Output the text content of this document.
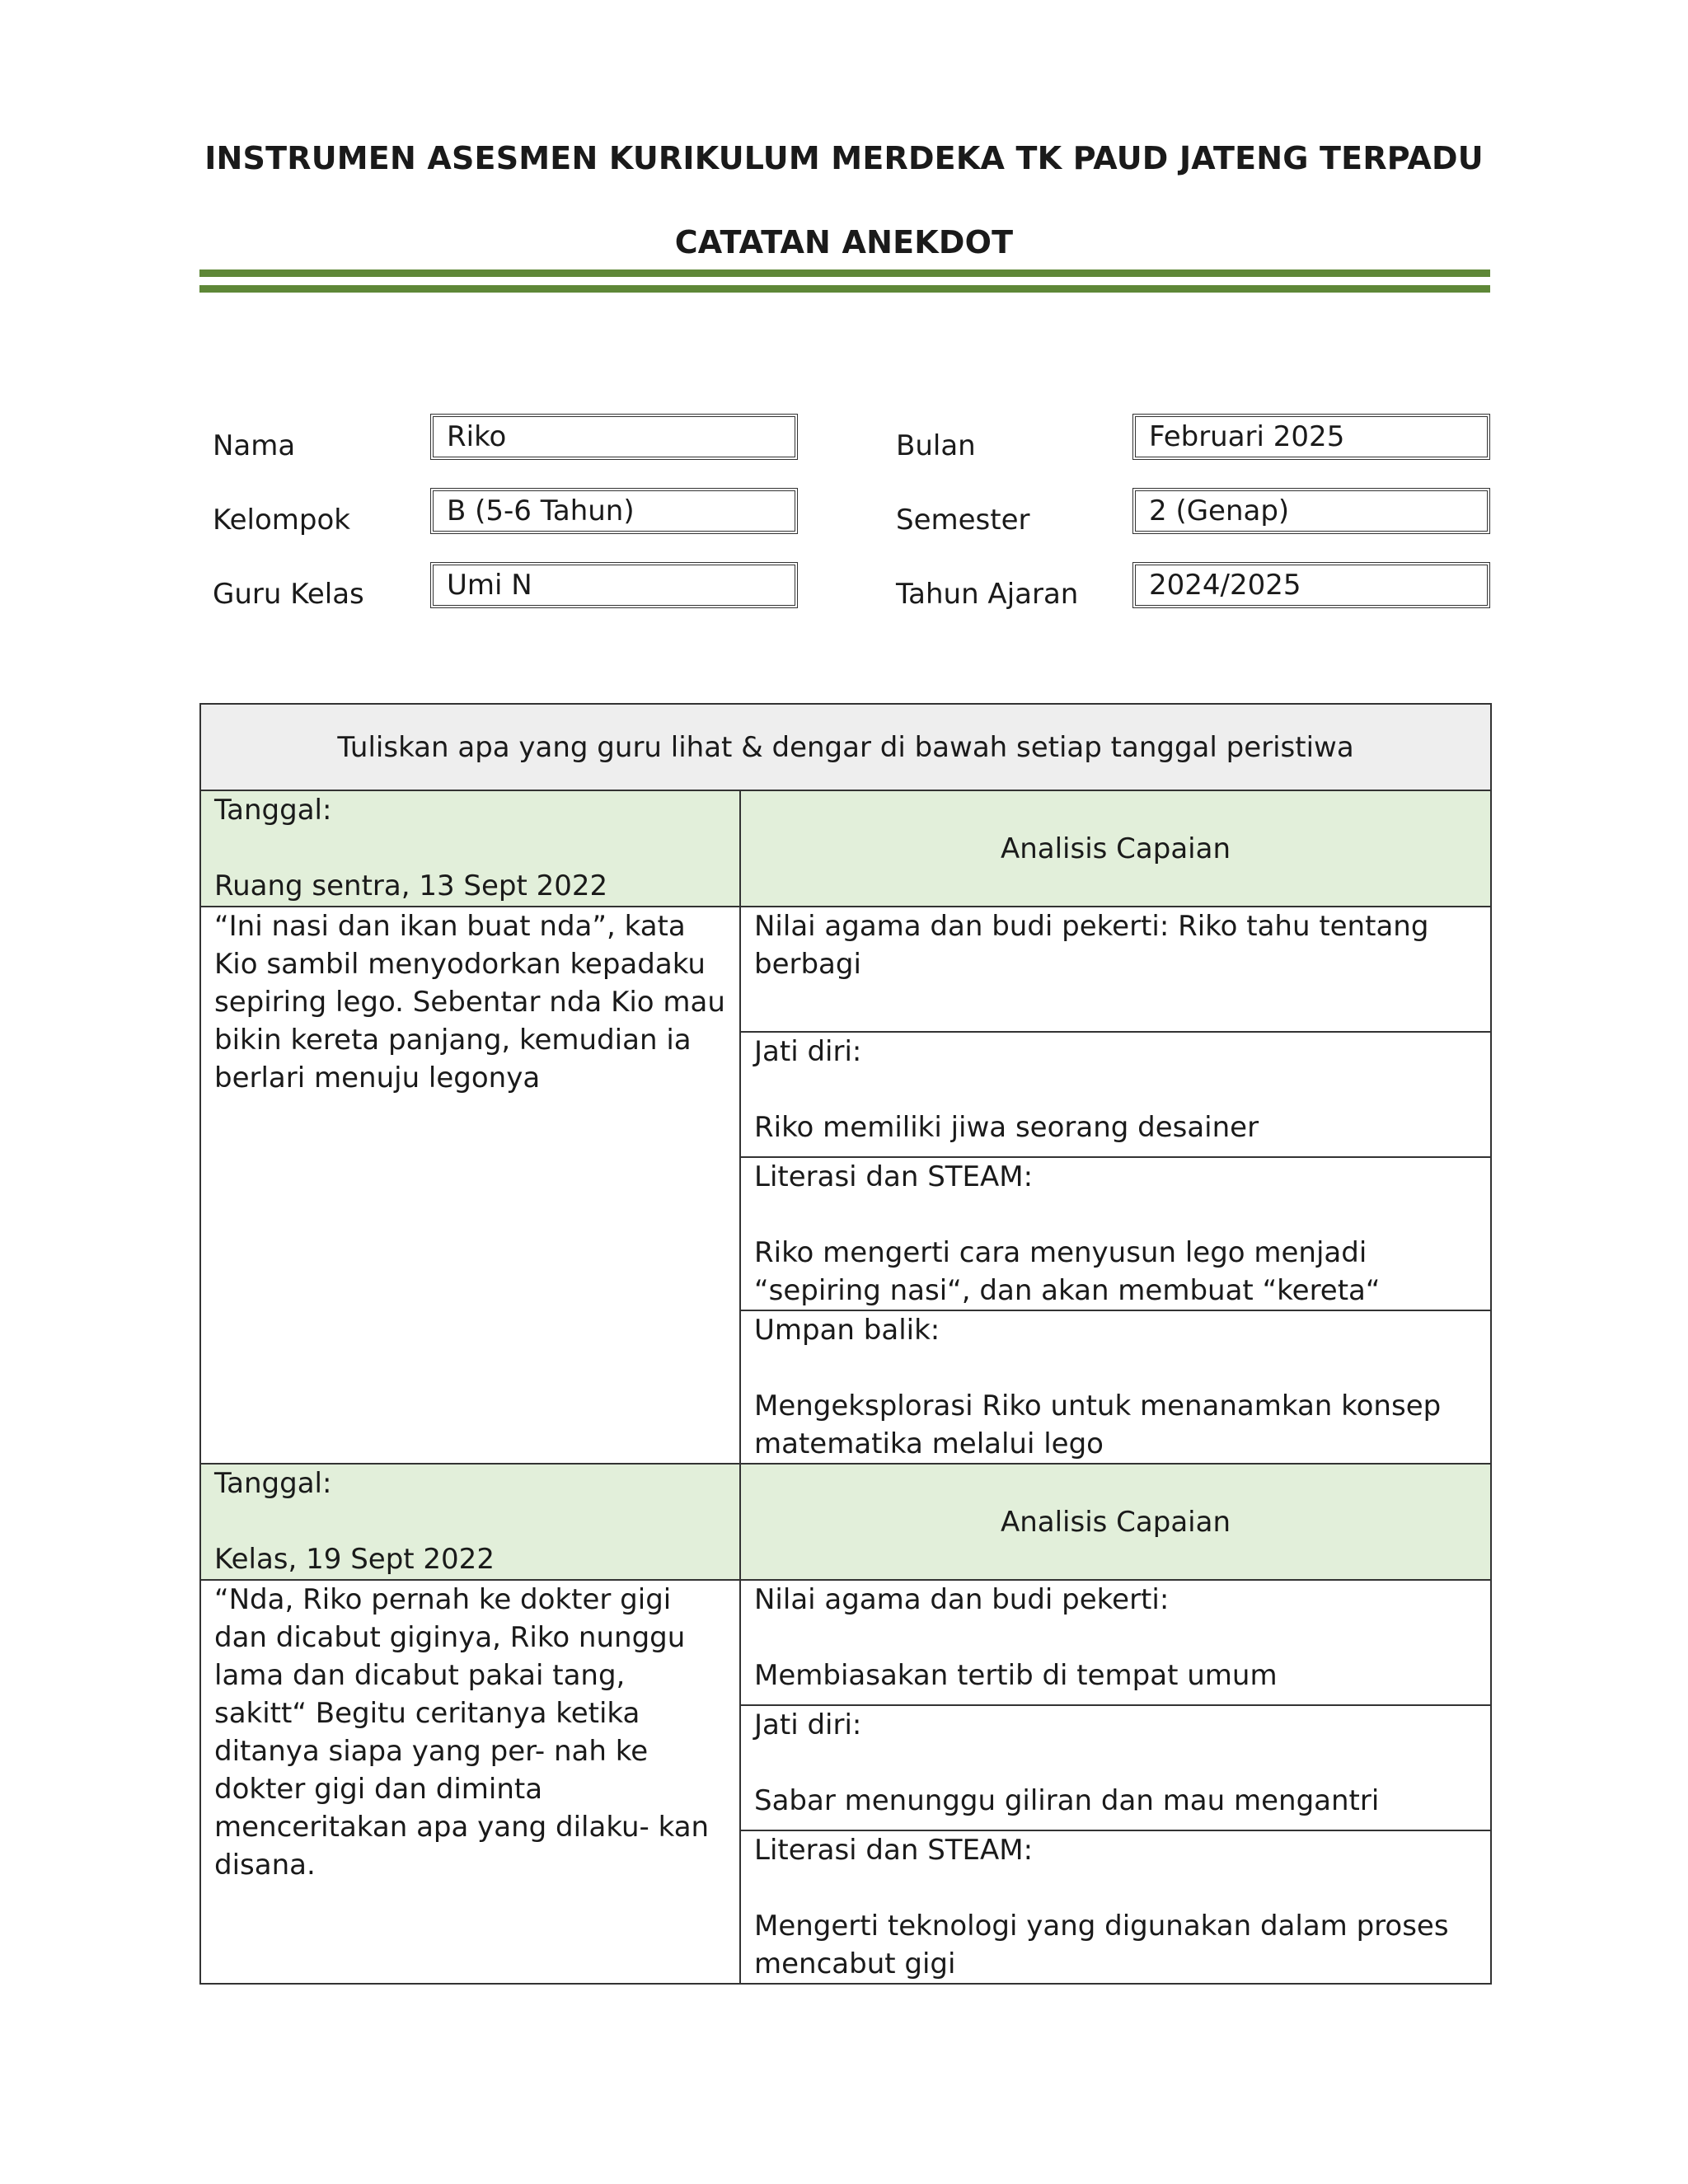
INSTRUMEN ASESMEN KURIKULUM MERDEKA TK PAUD JATENG TERPADU
CATATAN ANEKDOT
Nama	Riko
Kelompok	B (5-6 Tahun)
Guru Kelas	Umi N
Bulan	Februari 2025
Semester	2 (Genap)
Tahun Ajaran	2024/2025
Tuliskan apa yang guru lihat & dengar di bawah setiap tanggal peristiwa	
Tanggal:
Ruang sentra, 13 Sept 2022	Analisis Capaian
“Ini nasi dan ikan buat nda”, kata Kio sambil menyodorkan kepadaku sepiring lego. Sebentar nda Kio mau bikin kereta panjang, kemudian ia berlari menuju legonya	Nilai agama dan budi pekerti: Riko tahu tentang berbagi
	Jati diri:
Riko memiliki jiwa seorang desainer
	Literasi dan STEAM:
Riko mengerti cara menyusun lego menjadi “sepiring nasi“, dan akan membuat “kereta“
	Umpan balik:
Mengeksplorasi Riko untuk menanamkan konsep matematika melalui lego
Tanggal:
Kelas, 19 Sept 2022	Analisis Capaian
“Nda, Riko pernah ke dokter gigi dan dicabut giginya, Riko nunggu lama dan dicabut pakai tang, sakitt“ Begitu ceritanya ketika ditanya siapa yang per- nah ke dokter gigi dan diminta menceritakan apa yang dilaku- kan disana.	Nilai agama dan budi pekerti:
Membiasakan tertib di tempat umum
	Jati diri:
Sabar menunggu giliran dan mau mengantri
	Literasi dan STEAM:
Mengerti teknologi yang digunakan dalam proses mencabut gigi
